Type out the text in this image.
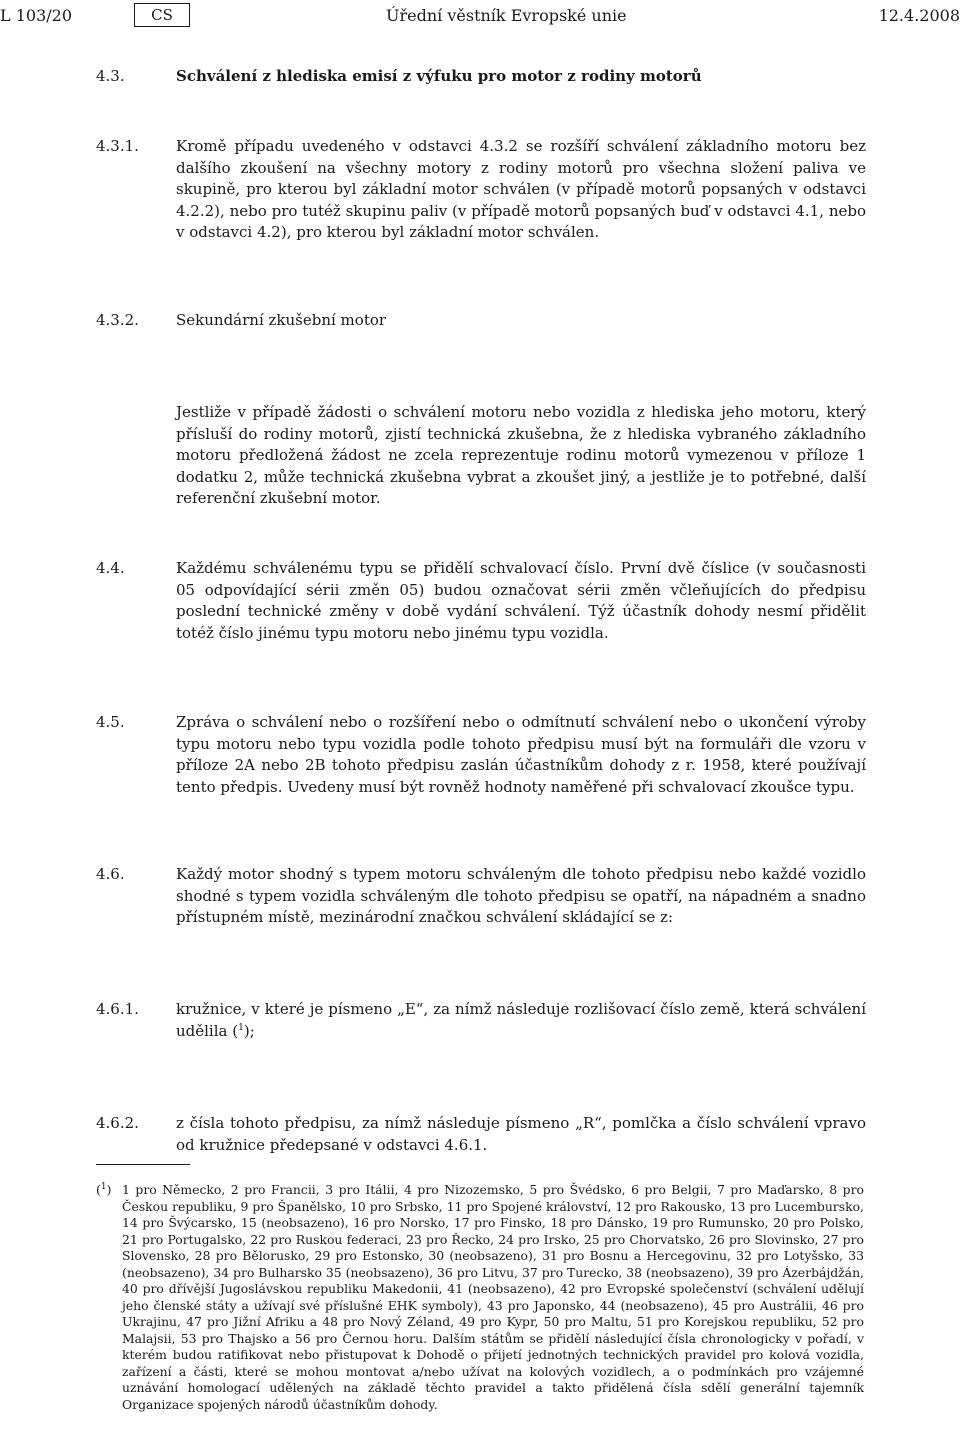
L 103/20	CS	Úřední věstník Evropské unie	12.4.2008
4.3.	Schválení z hlediska emisí z výfuku pro motor z rodiny motorů
4.3.1. Kromě případu uvedeného v odstavci 4.3.2 se rozšíří schválení základního motoru bez dalšího zkoušení na všechny motory z rodiny motorů pro všechna složení paliva ve skupině, pro kterou byl základní motor schválen (v případě motorů popsaných v odstavci 4.2.2), nebo pro tutéž skupinu paliv (v případě motorů popsaných buď v odstavci 4.1, nebo v odstavci 4.2), pro kterou byl základní motor schválen.
4.3.2. Sekundární zkušební motor
Jestliže v případě žádosti o schválení motoru nebo vozidla z hlediska jeho motoru, který přísluší do rodiny motorů, zjistí technická zkušebna, že z hlediska vybraného základního motoru předložená žádost ne zcela reprezentuje rodinu motorů vymezenou v příloze 1 dodatku 2, může technická zkušebna vybrat a zkoušet jiný, a jestliže je to potřebné, další referenční zkušební motor.
4.4.	Každému schválenému typu se přidělí schvalovací číslo. První dvě číslice (v současnosti 05 odpovídající sérii změn 05) budou označovat sérii změn včleňujících do předpisu poslední technické změny v době vydání schválení. Týž účastník dohody nesmí přidělit totéž číslo jinému typu motoru nebo jinému typu vozidla.
4.5.	Zpráva o schválení nebo o rozšíření nebo o odmítnutí schválení nebo o ukončení výroby typu motoru nebo typu vozidla podle tohoto předpisu musí být na formuláři dle vzoru v příloze 2A nebo 2B tohoto předpisu zaslán účastníkům dohody z r. 1958, které používají tento předpis. Uvedeny musí být rovněž hodnoty naměřené při schvalovací zkoušce typu.
4.6.	Každý motor shodný s typem motoru schváleným dle tohoto předpisu nebo každé vozidlo shodné s typem vozidla schváleným dle tohoto předpisu se opatří, na nápadném a snadno přístupném místě, mezinárodní značkou schválení skládající se z:
4.6.1. kružnice, v které je písmeno „E“, za nímž následuje rozlišovací číslo země, která schválení udělila ($^1$);
4.6.2. z čísla tohoto předpisu, za nímž následuje písmeno „R“, pomlčka a číslo schválení vpravo od kružnice předepsané v odstavci 4.6.1.
($^1$) 1 pro Německo, 2 pro Francii, 3 pro Itálii, 4 pro Nizozemsko, 5 pro Švédsko, 6 pro Belgii, 7 pro Maďarsko, 8 pro Českou republiku, 9 pro Španělsko, 10 pro Srbsko, 11 pro Spojené království, 12 pro Rakousko, 13 pro Lucembursko, 14 pro Švýcarsko, 15 (neobsazeno), 16 pro Norsko, 17 pro Finsko, 18 pro Dánsko, 19 pro Rumunsko, 20 pro Polsko, 21 pro Portugalsko, 22 pro Ruskou federaci, 23 pro Řecko, 24 pro Irsko, 25 pro Chorvatsko, 26 pro Slovinsko, 27 pro Slovensko, 28 pro Bělorusko, 29 pro Estonsko, 30 (neobsazeno), 31 pro Bosnu a Hercegovinu, 32 pro Lotyšsko, 33 (neobsazeno), 34 pro Bulharsko 35 (neobsazeno), 36 pro Litvu, 37 pro Turecko, 38 (neobsazeno), 39 pro Ázerbájdžán, 40 pro dřívější Jugoslávskou republiku Makedonii, 41 (neobsazeno), 42 pro Evropské společenství (schválení udělují jeho členské státy a užívají své příslušné EHK symboly), 43 pro Japonsko, 44 (neobsazeno), 45 pro Austrálii, 46 pro Ukrajinu, 47 pro Jižní Afriku a 48 pro Nový Zéland, 49 pro Kypr, 50 pro Maltu, 51 pro Korejskou republiku, 52 pro Malajsii, 53 pro Thajsko a 56 pro Černou horu. Dalším státům se přidělí následující čísla chronologicky v pořadí, v kterém budou ratifikovat nebo přistupovat k Dohodě o přijetí jednotných technických pravidel pro kolová vozidla, zařízení a části, které se mohou montovat a/nebo užívat na kolových vozidlech, a o podmínkách pro vzájemné uznávání homologací udělených na základě těchto pravidel a takto přidělená čísla sdělí generální tajemník Organizace spojených národů účastníkům dohody.
